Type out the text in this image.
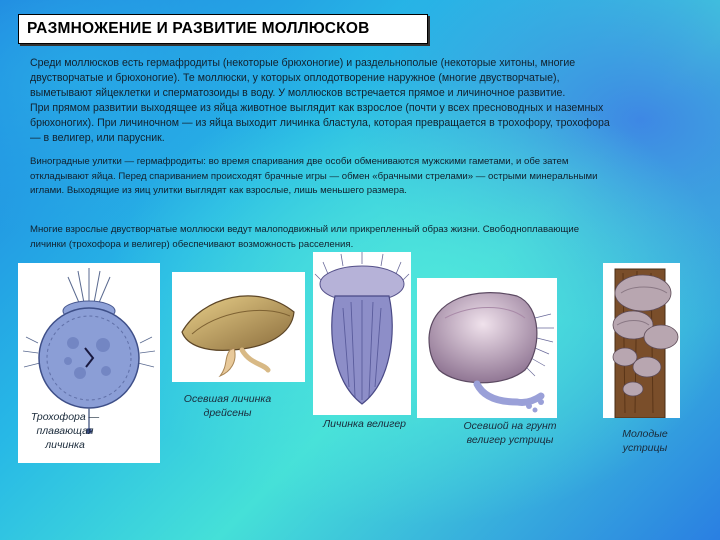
РАЗМНОЖЕНИЕ И РАЗВИТИЕ МОЛЛЮСКОВ
Среди моллюсков есть гермафродиты (некоторые брюхоногие) и раздельнополые (некоторые хитоны, многие
двустворчатые и брюхоногие). Те моллюски, у которых оплодотворение наружное (многие двустворчатые),
выметывают яйцеклетки и сперматозоиды в воду. У моллюсков встречается прямое и личиночное развитие.
При прямом развитии выходящее из яйца животное выглядит как взрослое (почти у всех пресноводных и наземных
брюхоногих). При личиночном — из яйца выходит личинка бластула, которая превращается в трохофору, трохофора
— в велигер, или парусник.
Виноградные улитки — гермафродиты: во время спаривания две особи обмениваются мужскими гаметами, и обе затем
откладывают яйца. Перед спариванием происходят брачные игры — обмен «брачными стрелами» — острыми минеральными
иглами. Выходящие из яиц улитки выглядят как взрослые, лишь меньшего размера.
Многие взрослые двустворчатые моллюски ведут малоподвижный или прикрепленный образ жизни. Свободноплавающие
личинки (трохофора и велигер) обеспечивают возможность расселения.
Трохофора —
плавающая
личинка
Осевшая личинка
дрейсены
Личинка велигер	Осевшой на грунт
велигер устрицы	Молодые
устрицы
